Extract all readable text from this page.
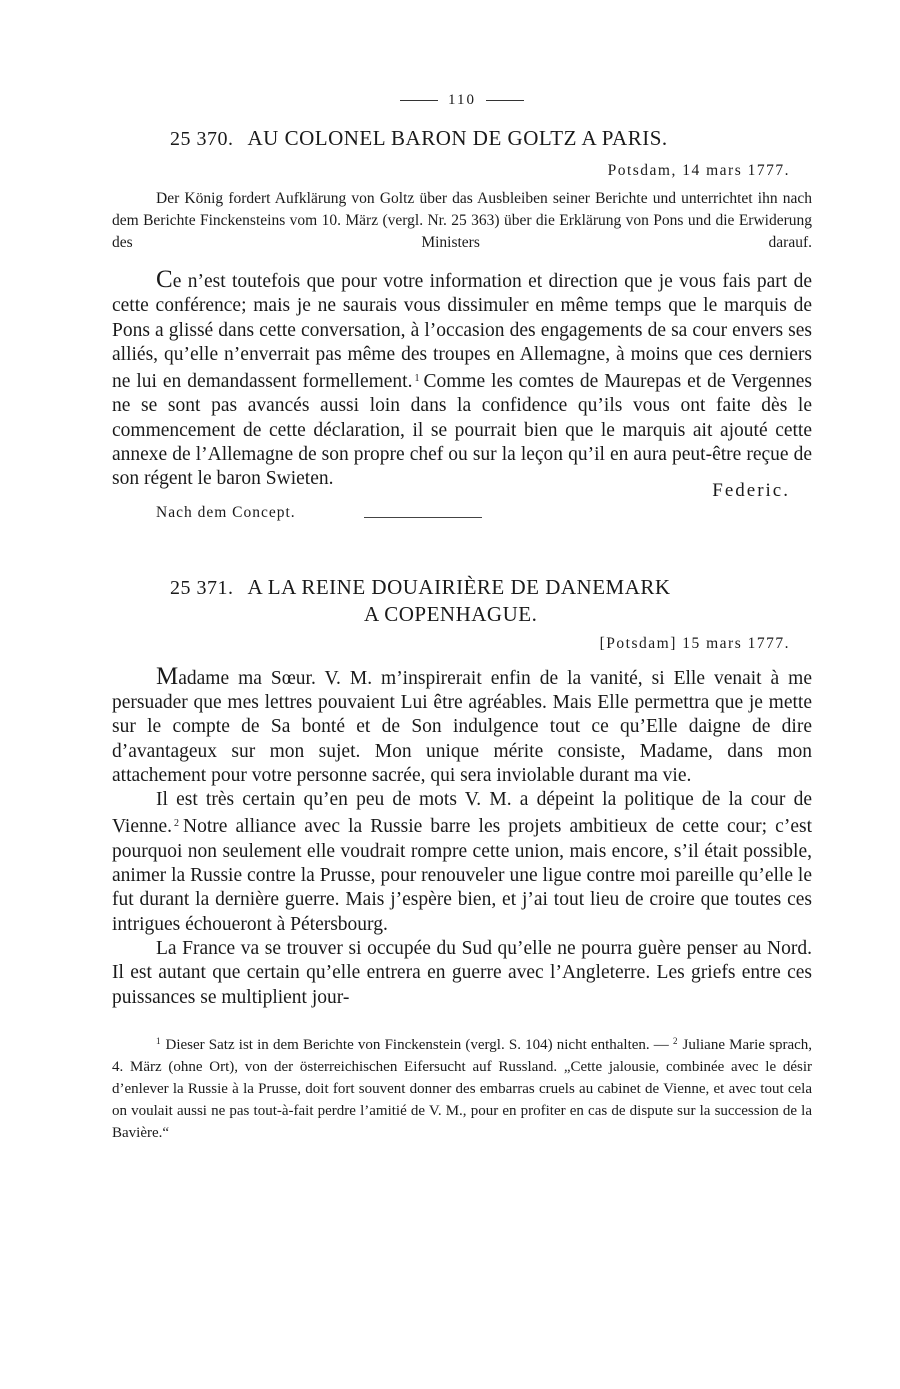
110
25 370. AU COLONEL BARON DE GOLTZ A PARIS.
Potsdam, 14 mars 1777.
Der König fordert Aufklärung von Goltz über das Ausbleiben seiner Berichte und unterrichtet ihn nach dem Berichte Finckensteins vom 10. März (vergl. Nr. 25 363) über die Erklärung von Pons und die Erwiderung des Ministers darauf.

Ce n’est toutefois que pour votre information et direction que je vous fais part de cette conférence; mais je ne saurais vous dissimuler en même temps que le marquis de Pons a glissé dans cette conversation, à l’occasion des engagements de sa cour envers ses alliés, qu’elle n’enverrait pas même des troupes en Allemagne, à moins que ces derniers ne lui en demandassent formellement. $^1$ Comme les comtes de Maurepas et de Vergennes ne se sont pas avancés aussi loin dans la confidence qu’ils vous ont faite dès le commencement de cette déclaration, il se pourrait bien que le marquis ait ajouté cette annexe de l’Allemagne de son propre chef ou sur la leçon qu’il en aura peut-être reçue de son régent le baron Swieten.

Federic.
Nach dem Concept.
25 371. A LA REINE DOUAIRIÈRE DE DANEMARK
A COPENHAGUE.
[Potsdam] 15 mars 1777.

Madame ma Sœur. V. M. m’inspirerait enfin de la vanité, si Elle venait à me persuader que mes lettres pouvaient Lui être agréables. Mais Elle permettra que je mette sur le compte de Sa bonté et de Son indulgence tout ce qu’Elle daigne de dire d’avantageux sur mon sujet. Mon unique mérite consiste, Madame, dans mon attachement pour votre personne sacrée, qui sera inviolable durant ma vie.

Il est très certain qu’en peu de mots V. M. a dépeint la politique de la cour de Vienne. $^2$ Notre alliance avec la Russie barre les projets ambitieux de cette cour; c’est pourquoi non seulement elle voudrait rompre cette union, mais encore, s’il était possible, animer la Russie contre la Prusse, pour renouveler une ligue contre moi pareille qu’elle le fut durant la dernière guerre. Mais j’espère bien, et j’ai tout lieu de croire que toutes ces intrigues échoueront à Pétersbourg.

La France va se trouver si occupée du Sud qu’elle ne pourra guère penser au Nord. Il est autant que certain qu’elle entrera en guerre avec l’Angleterre. Les griefs entre ces puissances se multiplient jour-

$^1$ Dieser Satz ist in dem Berichte von Finckenstein (vergl. S. 104) nicht enthalten. — $^2$ Juliane Marie sprach, 4. März (ohne Ort), von der österreichischen Eifersucht auf Russland. „Cette jalousie, combinée avec le désir d’enlever la Russie à la Prusse, doit fort souvent donner des embarras cruels au cabinet de Vienne, et avec tout cela on voulait aussi ne pas tout-à-fait perdre l’amitié de V. M., pour en profiter en cas de dispute sur la succession de la Bavière.“
